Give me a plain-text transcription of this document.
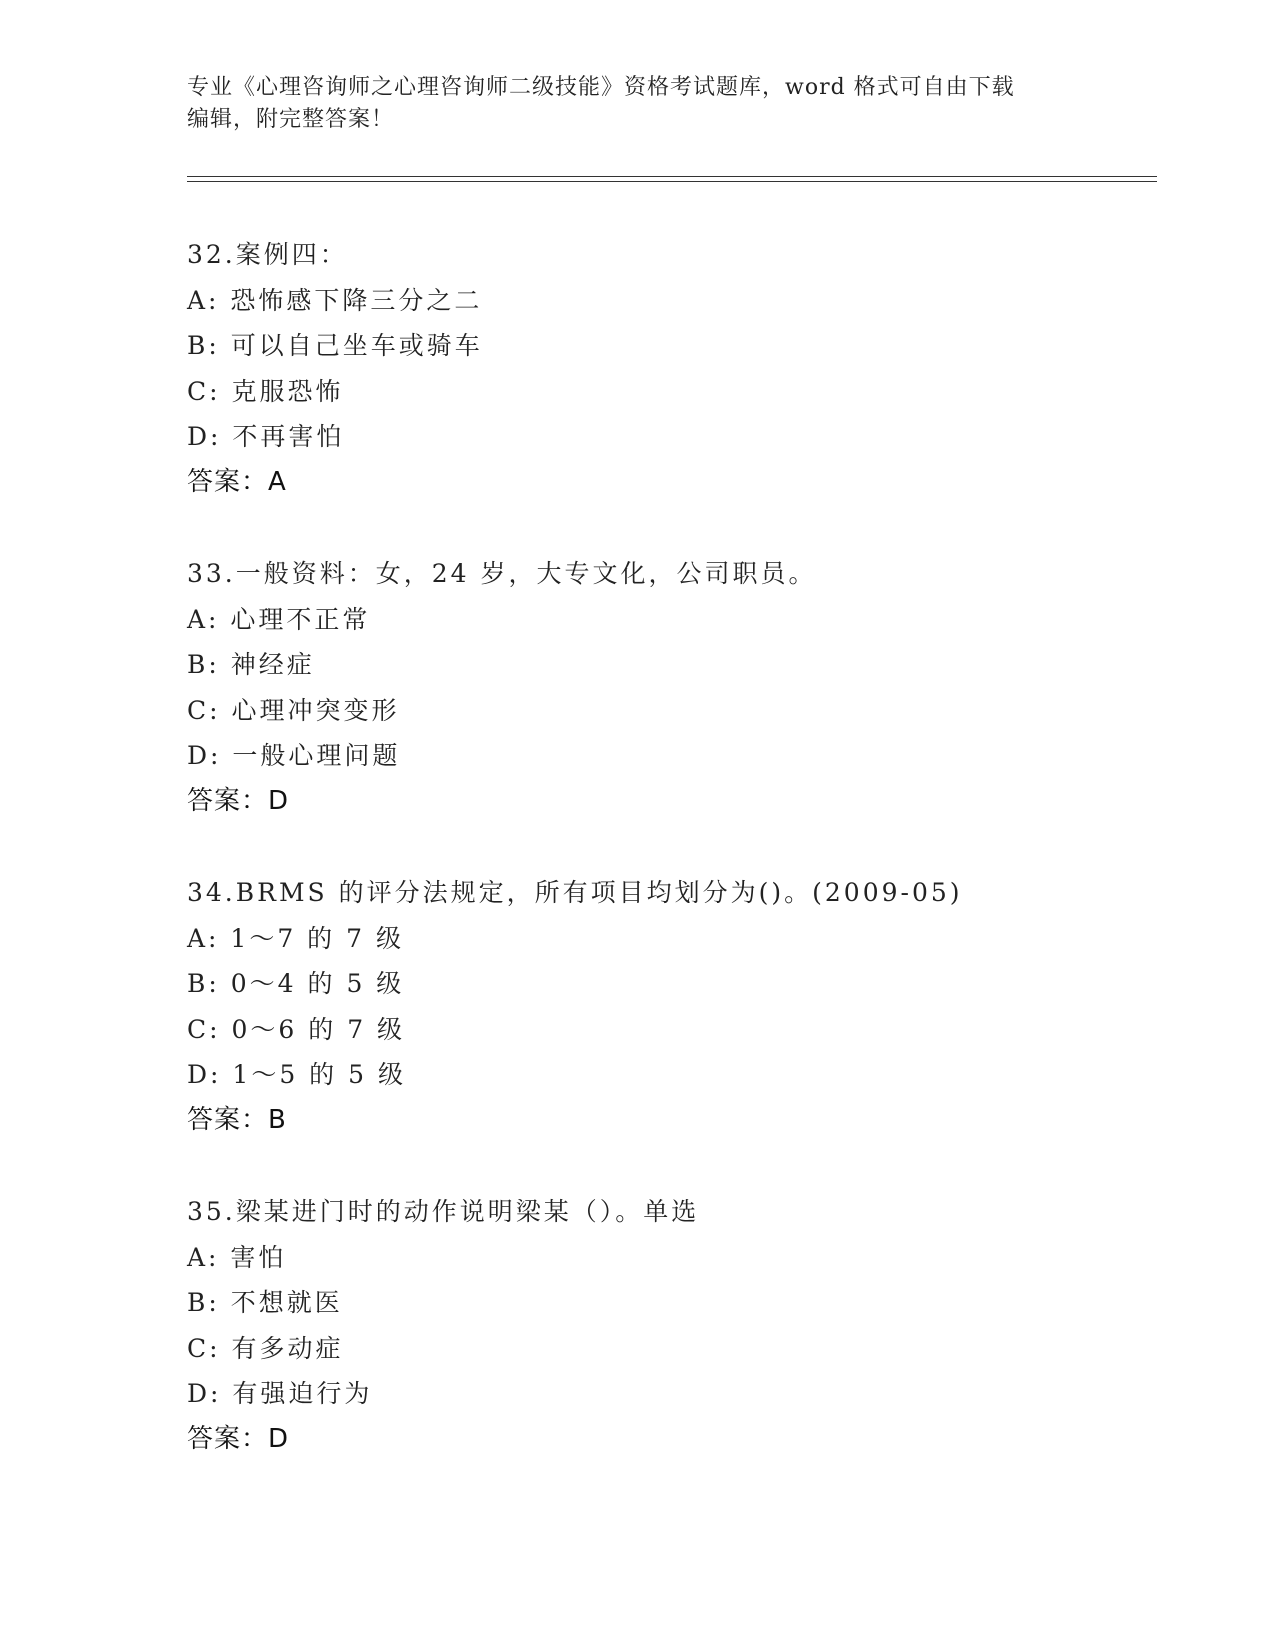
专业《心理咨询师之心理咨询师二级技能》资格考试题库，word 格式可自由下载
编辑，附完整答案！
32.案例四：
A: 恐怖感下降三分之二
B: 可以自己坐车或骑车
C: 克服恐怖
D: 不再害怕
答案：A
33.一般资料：女，24 岁，大专文化，公司职员。
A: 心理不正常
B: 神经症
C: 心理冲突变形
D: 一般心理问题
答案：D
34.BRMS 的评分法规定，所有项目均划分为()。(2009-05)
A: 1～7 的 7 级
B: 0～4 的 5 级
C: 0～6 的 7 级
D: 1～5 的 5 级
答案：B
35.梁某进门时的动作说明梁某（）。单选
A: 害怕
B: 不想就医
C: 有多动症
D: 有强迫行为
答案：D
